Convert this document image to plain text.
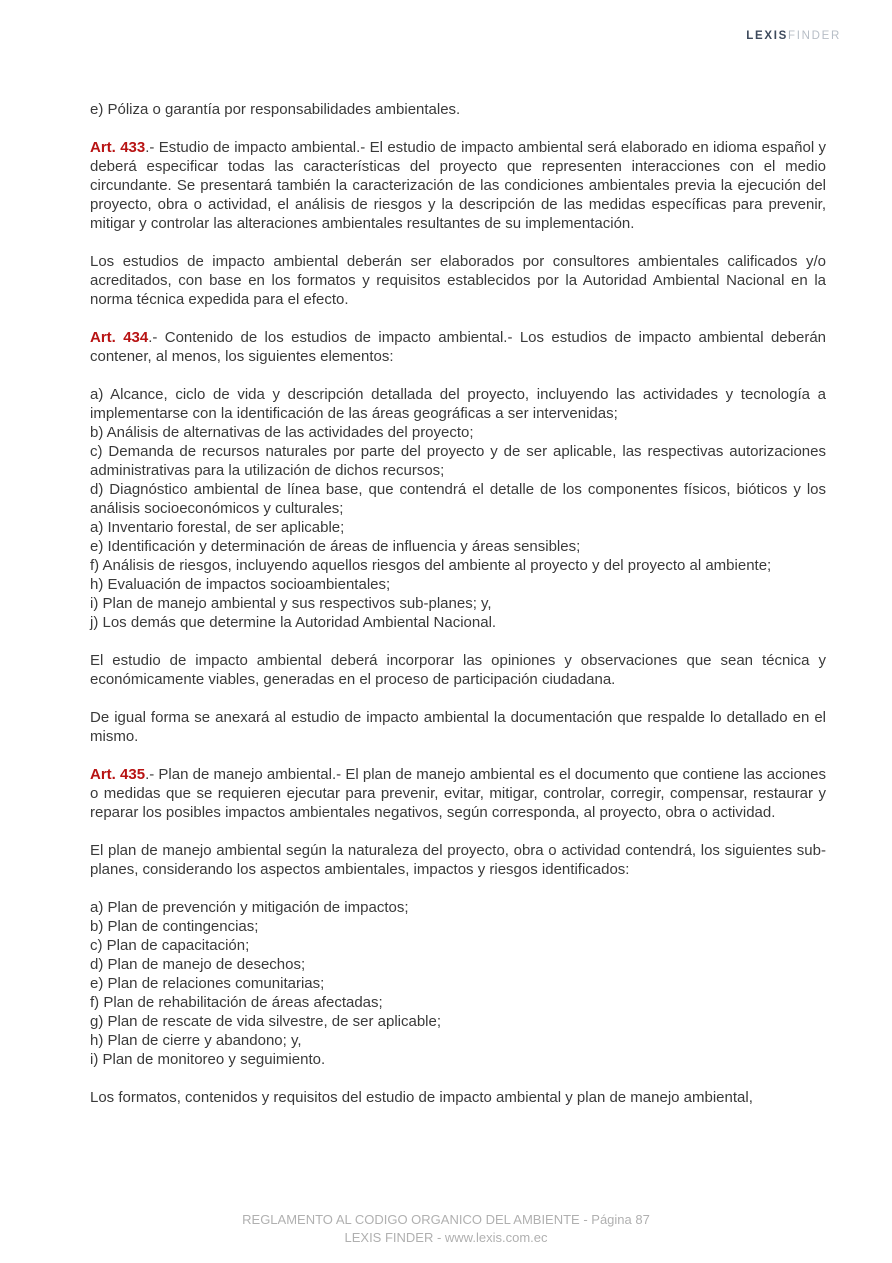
LEXISFINDER

e) Póliza o garantía por responsabilidades ambientales.

Art. 433.- Estudio de impacto ambiental.- El estudio de impacto ambiental será elaborado en idioma español y deberá especificar todas las características del proyecto que representen interacciones con el medio circundante. Se presentará también la caracterización de las condiciones ambientales previa la ejecución del proyecto, obra o actividad, el análisis de riesgos y la descripción de las medidas específicas para prevenir, mitigar y controlar las alteraciones ambientales resultantes de su implementación.

Los estudios de impacto ambiental deberán ser elaborados por consultores ambientales calificados y/o acreditados, con base en los formatos y requisitos establecidos por la Autoridad Ambiental Nacional en la norma técnica expedida para el efecto.

Art. 434.- Contenido de los estudios de impacto ambiental.- Los estudios de impacto ambiental deberán contener, al menos, los siguientes elementos:

a) Alcance, ciclo de vida y descripción detallada del proyecto, incluyendo las actividades y tecnología a implementarse con la identificación de las áreas geográficas a ser intervenidas;
b) Análisis de alternativas de las actividades del proyecto;
c) Demanda de recursos naturales por parte del proyecto y de ser aplicable, las respectivas autorizaciones administrativas para la utilización de dichos recursos;
d) Diagnóstico ambiental de línea base, que contendrá el detalle de los componentes físicos, bióticos y los análisis socioeconómicos y culturales;
a) Inventario forestal, de ser aplicable;
e) Identificación y determinación de áreas de influencia y áreas sensibles;
f) Análisis de riesgos, incluyendo aquellos riesgos del ambiente al proyecto y del proyecto al ambiente;
h) Evaluación de impactos socioambientales;
i) Plan de manejo ambiental y sus respectivos sub-planes; y,
j) Los demás que determine la Autoridad Ambiental Nacional.

El estudio de impacto ambiental deberá incorporar las opiniones y observaciones que sean técnica y económicamente viables, generadas en el proceso de participación ciudadana.

De igual forma se anexará al estudio de impacto ambiental la documentación que respalde lo detallado en el mismo.

Art. 435.- Plan de manejo ambiental.- El plan de manejo ambiental es el documento que contiene las acciones o medidas que se requieren ejecutar para prevenir, evitar, mitigar, controlar, corregir, compensar, restaurar y reparar los posibles impactos ambientales negativos, según corresponda, al proyecto, obra o actividad.

El plan de manejo ambiental según la naturaleza del proyecto, obra o actividad contendrá, los siguientes sub-planes, considerando los aspectos ambientales, impactos y riesgos identificados:

a) Plan de prevención y mitigación de impactos;
b) Plan de contingencias;
c) Plan de capacitación;
d) Plan de manejo de desechos;
e) Plan de relaciones comunitarias;
f) Plan de rehabilitación de áreas afectadas;
g) Plan de rescate de vida silvestre, de ser aplicable;
h) Plan de cierre y abandono; y,
i) Plan de monitoreo y seguimiento.

Los formatos, contenidos y requisitos del estudio de impacto ambiental y plan de manejo ambiental,

REGLAMENTO AL CODIGO ORGANICO DEL AMBIENTE - Página 87
LEXIS FINDER - www.lexis.com.ec
